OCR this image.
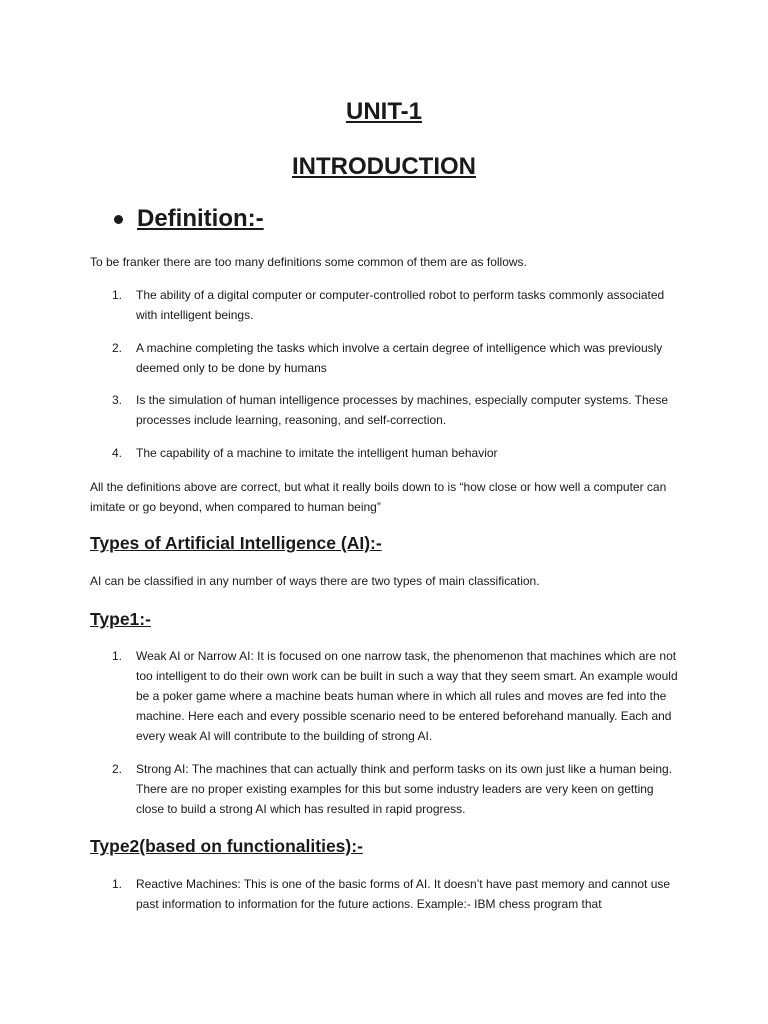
UNIT-1
INTRODUCTION
Definition:-
To be franker there are too many definitions some common of them are as follows.
1. The ability of a digital computer or computer-controlled robot to perform tasks commonly associated with intelligent beings.
2. A machine completing the tasks which involve a certain degree of intelligence which was previously deemed only to be done by humans
3. Is the simulation of human intelligence processes by machines, especially computer systems. These processes include learning, reasoning, and self-correction.
4. The capability of a machine to imitate the intelligent human behavior
All the definitions above are correct, but what it really boils down to is “how close or how well a computer can imitate or go beyond, when compared to human being”
Types of Artificial Intelligence (AI):-
AI can be classified in any number of ways there are two types of main classification.
Type1:-
1. Weak AI or Narrow AI: It is focused on one narrow task, the phenomenon that machines which are not too intelligent to do their own work can be built in such a way that they seem smart. An example would be a poker game where a machine beats human where in which all rules and moves are fed into the machine. Here each and every possible scenario need to be entered beforehand manually. Each and every weak AI will contribute to the building of strong AI.
2. Strong AI: The machines that can actually think and perform tasks on its own just like a human being. There are no proper existing examples for this but some industry leaders are very keen on getting close to build a strong AI which has resulted in rapid progress.
Type2(based on functionalities):-
1. Reactive Machines: This is one of the basic forms of AI. It doesn’t have past memory and cannot use past information to information for the future actions. Example:- IBM chess program that
